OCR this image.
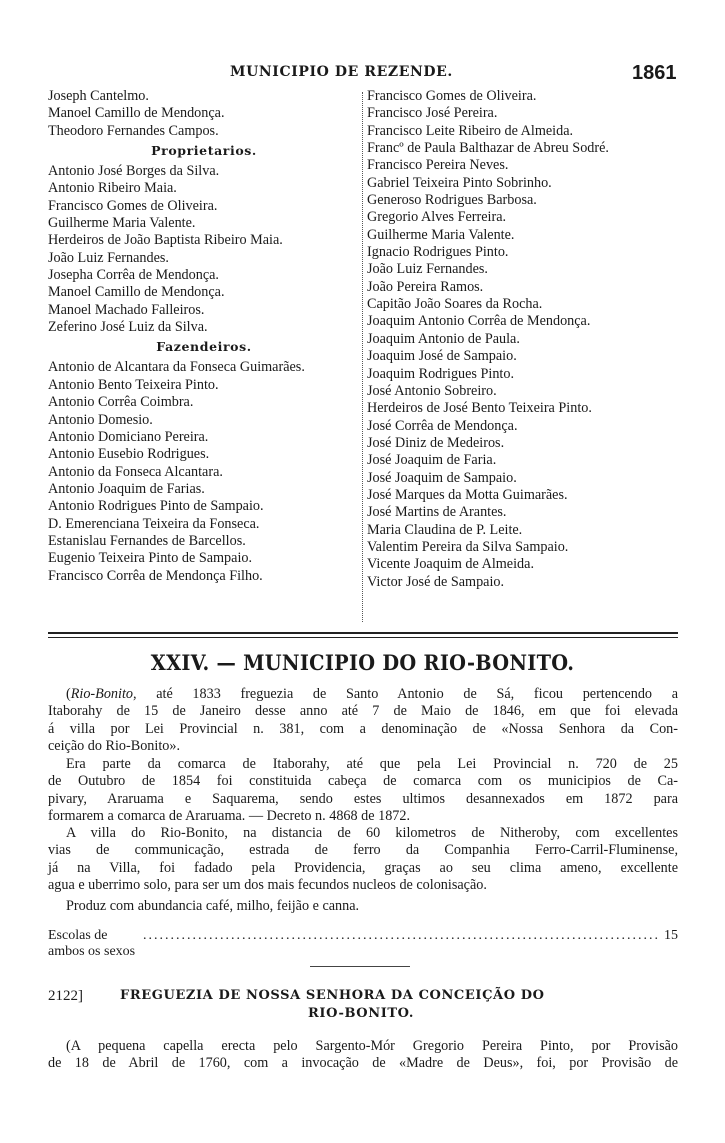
MUNICIPIO DE REZENDE.	1861
Joseph Cantelmo.
Manoel Camillo de Mendonça.
Theodoro Fernandes Campos.
Proprietarios.
Antonio José Borges da Silva.
Antonio Ribeiro Maia.
Francisco Gomes de Oliveira.
Guilherme Maria Valente.
Herdeiros de João Baptista Ribeiro Maia.
João Luiz Fernandes.
Josepha Corrêa de Mendonça.
Manoel Camillo de Mendonça.
Manoel Machado Falleiros.
Zeferino José Luiz da Silva.
Fazendeiros.
Antonio de Alcantara da Fonseca Guimarães.
Antonio Bento Teixeira Pinto.
Antonio Corrêa Coimbra.
Antonio Domesio.
Antonio Domiciano Pereira.
Antonio Eusebio Rodrigues.
Antonio da Fonseca Alcantara.
Antonio Joaquim de Farias.
Antonio Rodrigues Pinto de Sampaio.
D. Emerenciana Teixeira da Fonseca.
Estanislau Fernandes de Barcellos.
Eugenio Teixeira Pinto de Sampaio.
Francisco Corrêa de Mendonça Filho.
Francisco Gomes de Oliveira.
Francisco José Pereira.
Francisco Leite Ribeiro de Almeida.
Francº de Paula Balthazar de Abreu Sodré.
Francisco Pereira Neves.
Gabriel Teixeira Pinto Sobrinho.
Generoso Rodrigues Barbosa.
Gregorio Alves Ferreira.
Guilherme Maria Valente.
Ignacio Rodrigues Pinto.
João Luiz Fernandes.
João Pereira Ramos.
Capitão João Soares da Rocha.
Joaquim Antonio Corrêa de Mendonça.
Joaquim Antonio de Paula.
Joaquim José de Sampaio.
Joaquim Rodrigues Pinto.
José Antonio Sobreiro.
Herdeiros de José Bento Teixeira Pinto.
José Corrêa de Mendonça.
José Diniz de Medeiros.
José Joaquim de Faria.
José Joaquim de Sampaio.
José Marques da Motta Guimarães.
José Martins de Arantes.
Maria Claudina de P. Leite.
Valentim Pereira da Silva Sampaio.
Vicente Joaquim de Almeida.
Victor José de Sampaio.
XXIV. — MUNICIPIO DO RIO-BONITO.
(Rio-Bonito, até 1833 freguezia de Santo Antonio de Sá, ficou pertencendo a
Itaborahy de 15 de Janeiro desse anno até 7 de Maio de 1846, em que foi elevada
á villa por Lei Provincial n. 381, com a denominação de «Nossa Senhora da Con-
ceição do Rio-Bonito».
Era parte da comarca de Itaborahy, até que pela Lei Provincial n. 720 de 25
de Outubro de 1854 foi constituida cabeça de comarca com os municipios de Ca-
pivary, Araruama e Saquarema, sendo estes ultimos desannexados em 1872 para
formarem a comarca de Araruama. — Decreto n. 4868 de 1872.
A villa do Rio-Bonito, na distancia de 60 kilometros de Nitheroby, com excellentes
vias de communicação, estrada de ferro da Companhia Ferro-Carril-Fluminense,
já na Villa, foi fadado pela Providencia, graças ao seu clima ameno, excellente
agua e uberrimo solo, para ser um dos mais fecundos nucleos de colonisação.
Produz com abundancia café, milho, feijão e canna.
Escolas de ambos os sexos
.............................................................................................. 15
2122]	FREGUEZIA DE NOSSA SENHORA DA CONCEIÇÃO DO
RIO-BONITO.
(A pequena capella erecta pelo Sargento-Mór Gregorio Pereira Pinto, por Provisão
de 18 de Abril de 1760, com a invocação de «Madre de Deus», foi, por Provisão de
